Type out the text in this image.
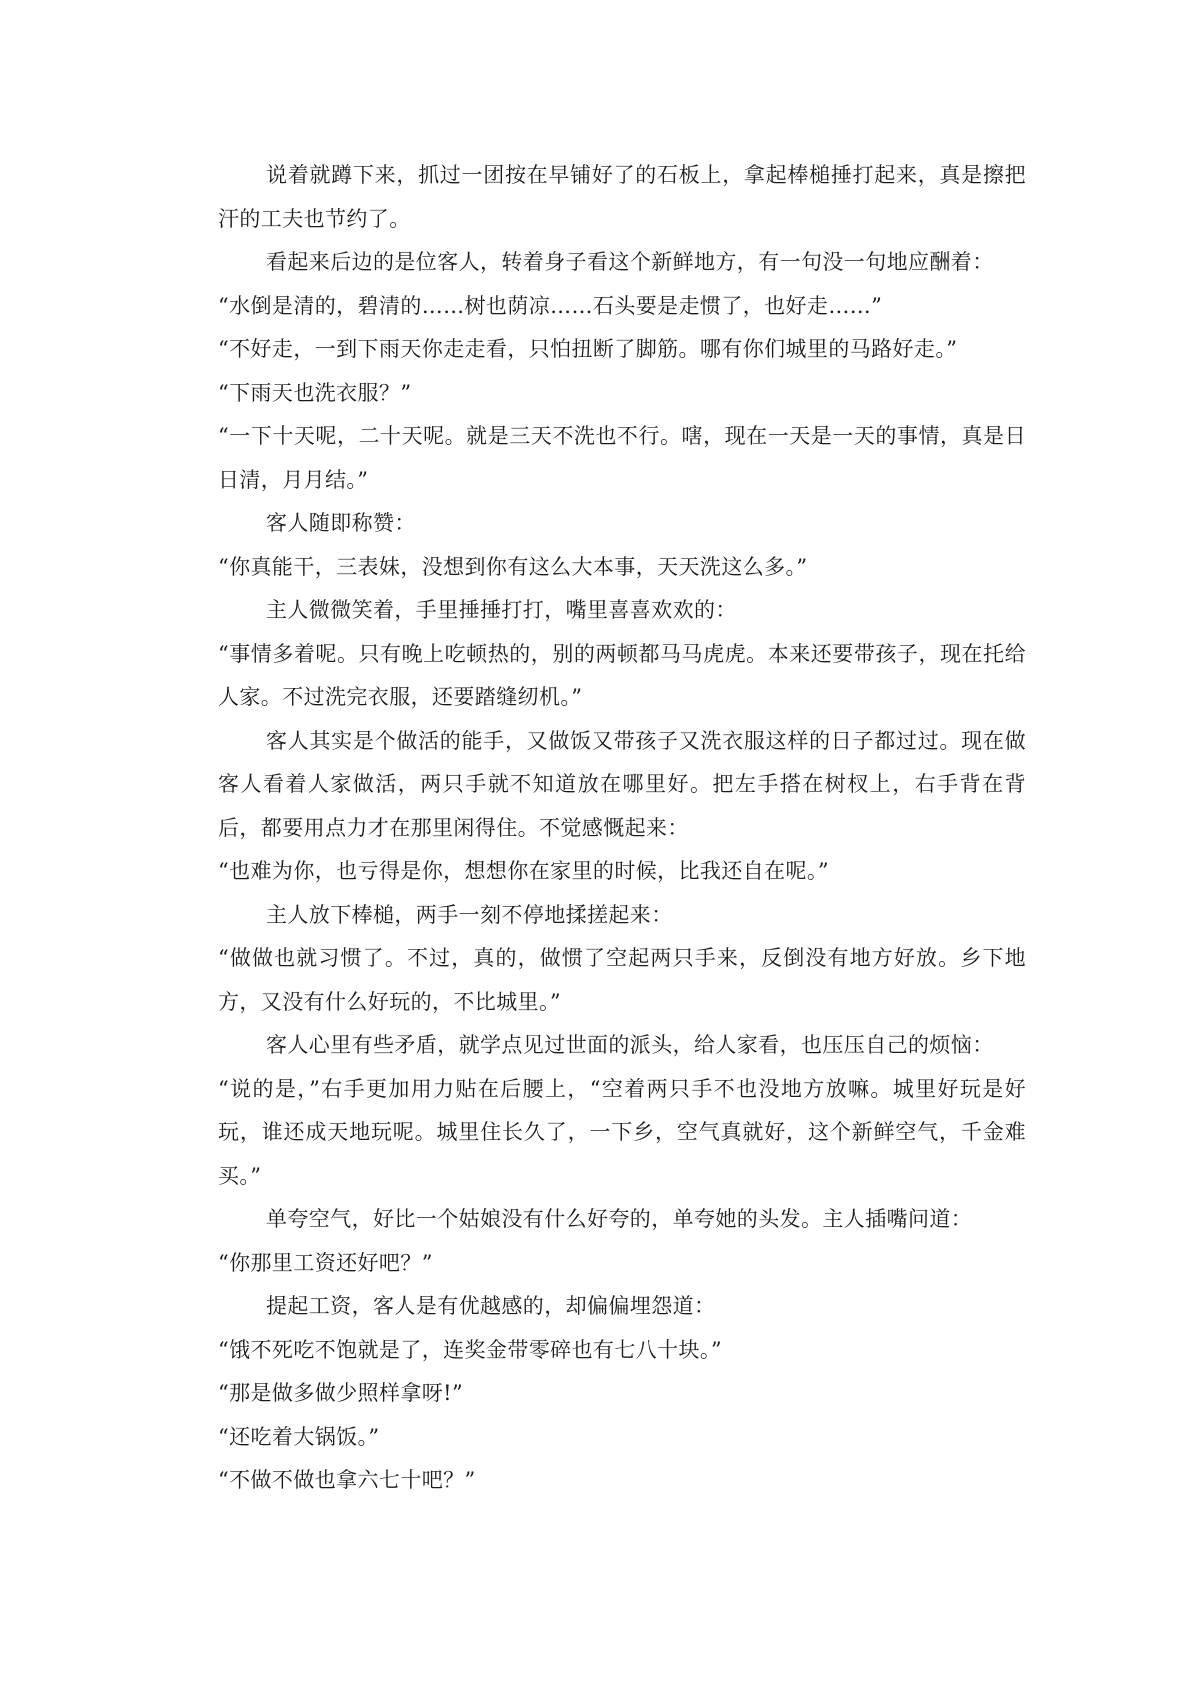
说着就蹲下来，抓过一团按在早铺好了的石板上，拿起棒槌捶打起来，真是擦把汗的工夫也节约了。

看起来后边的是位客人，转着身子看这个新鲜地方，有一句没一句地应酬着：

“水倒是清的，碧清的……树也荫凉……石头要是走惯了，也好走……”

“不好走，一到下雨天你走走看，只怕扭断了脚筋。哪有你们城里的马路好走。”

“下雨天也洗衣服？”

“一下十天呢，二十天呢。就是三天不洗也不行。嗐，现在一天是一天的事情，真是日日清，月月结。”

客人随即称赞：

“你真能干，三表妹，没想到你有这么大本事，天天洗这么多。”

主人微微笑着，手里捶捶打打，嘴里喜喜欢欢的：

“事情多着呢。只有晚上吃顿热的，别的两顿都马马虎虎。本来还要带孩子，现在托给人家。不过洗完衣服，还要踏缝纫机。”

客人其实是个做活的能手，又做饭又带孩子又洗衣服这样的日子都过过。现在做客人看着人家做活，两只手就不知道放在哪里好。把左手搭在树杈上，右手背在背后，都要用点力才在那里闲得住。不觉感慨起来：

“也难为你，也亏得是你，想想你在家里的时候，比我还自在呢。”

主人放下棒槌，两手一刻不停地揉搓起来：

“做做也就习惯了。不过，真的，做惯了空起两只手来，反倒没有地方好放。乡下地方，又没有什么好玩的，不比城里。”

客人心里有些矛盾，就学点见过世面的派头，给人家看，也压压自己的烦恼：

“说的是，”右手更加用力贴在后腰上，“空着两只手不也没地方放嘛。城里好玩是好玩，谁还成天地玩呢。城里住长久了，一下乡，空气真就好，这个新鲜空气，千金难买。”

单夸空气，好比一个姑娘没有什么好夸的，单夸她的头发。主人插嘴问道：

“你那里工资还好吧？”

提起工资，客人是有优越感的，却偏偏埋怨道：

“饿不死吃不饱就是了，连奖金带零碎也有七八十块。”

“那是做多做少照样拿呀!”

“还吃着大锅饭。”

“不做不做也拿六七十吧？”
